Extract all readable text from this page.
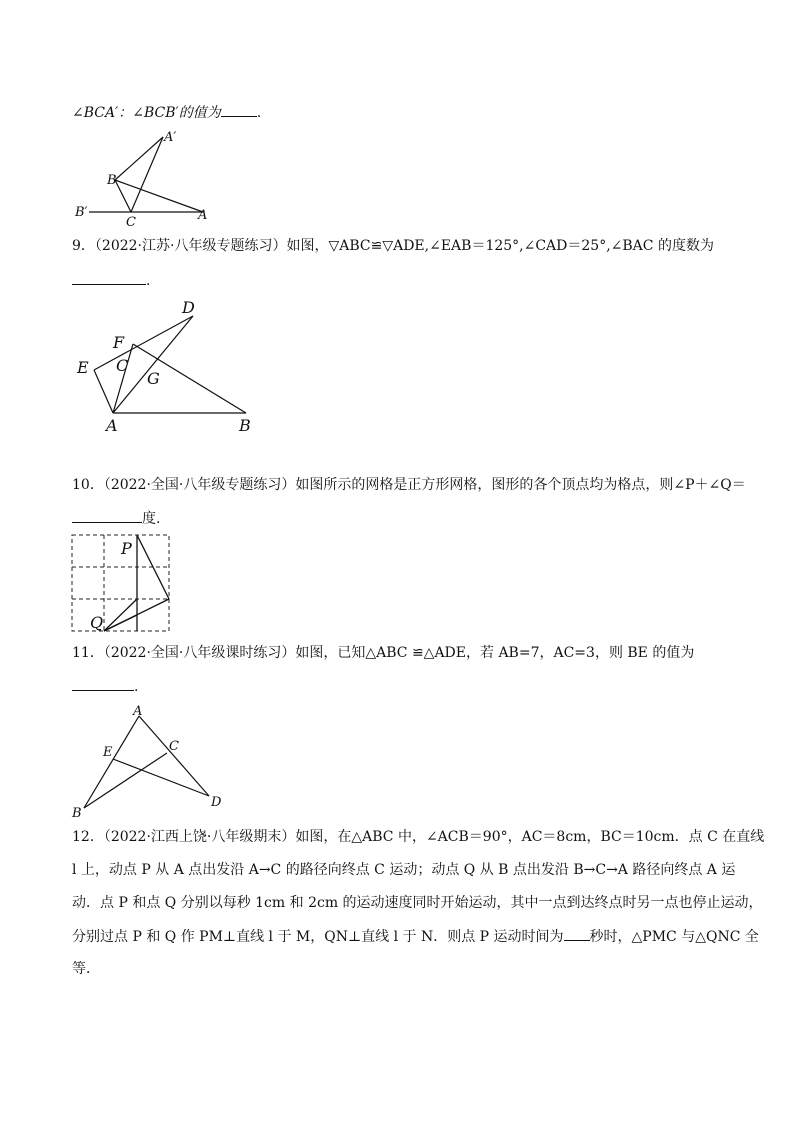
∠BCA′：∠BCB′的值为	.
A′
B
B′
C	A
9．（2022·江苏·八年级专题练习）如图，▽ABC≌▽ADE,∠EAB＝125°,∠CAD＝25°,∠BAC 的度数为
.
D
F
C
E
G
A	B
10．（2022·全国·八年级专题练习）如图所示的网格是正方形网格，图形的各个顶点均为格点，则∠P＋∠Q＝
度.
P
Q
11．（2022·全国·八年级课时练习）如图，已知△ABC ≌△ADE，若 AB=7，AC=3，则 BE 的值为
.
A
E	C
B
D
12．（2022·江西上饶·八年级期末）如图，在△ABC 中，∠ACB＝90°，AC＝8cm，BC＝10cm．点 C 在直线
l 上，动点 P 从 A 点出发沿 A→C 的路径向终点 C 运动；动点 Q 从 B 点出发沿 B→C→A 路径向终点 A 运
动．点 P 和点 Q 分别以每秒 1cm 和 2cm 的运动速度同时开始运动，其中一点到达终点时另一点也停止运动，
分别过点 P 和 Q 作 PM⊥直线 l 于 M，QN⊥直线 l 于 N．则点 P 运动时间为 秒时，△PMC 与△QNC 全
等．
